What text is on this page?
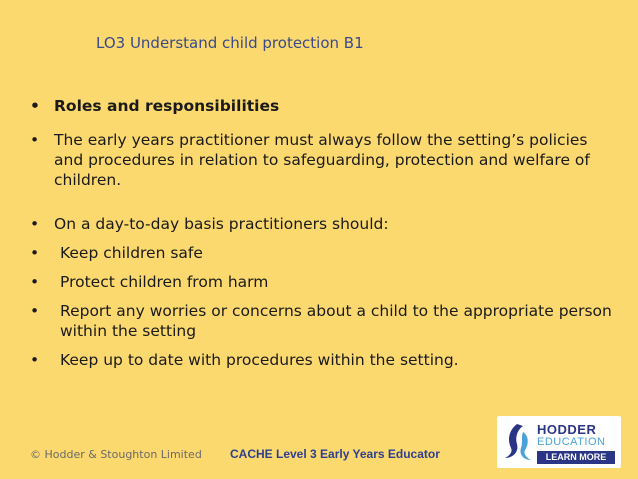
LO3 Understand child protection B1
• Roles and responsibilities
• The early years practitioner must always follow the setting’s policies and procedures in relation to safeguarding, protection and welfare of children.
• On a day-to-day basis practitioners should:
• Keep children safe
• Protect children from harm
• Report any worries or concerns about a child to the appropriate person within the setting
• Keep up to date with procedures within the setting.
© Hodder & Stoughton Limited CACHE Level 3 Early Years Educator
HODDER
EDUCATION
LEARN MORE
